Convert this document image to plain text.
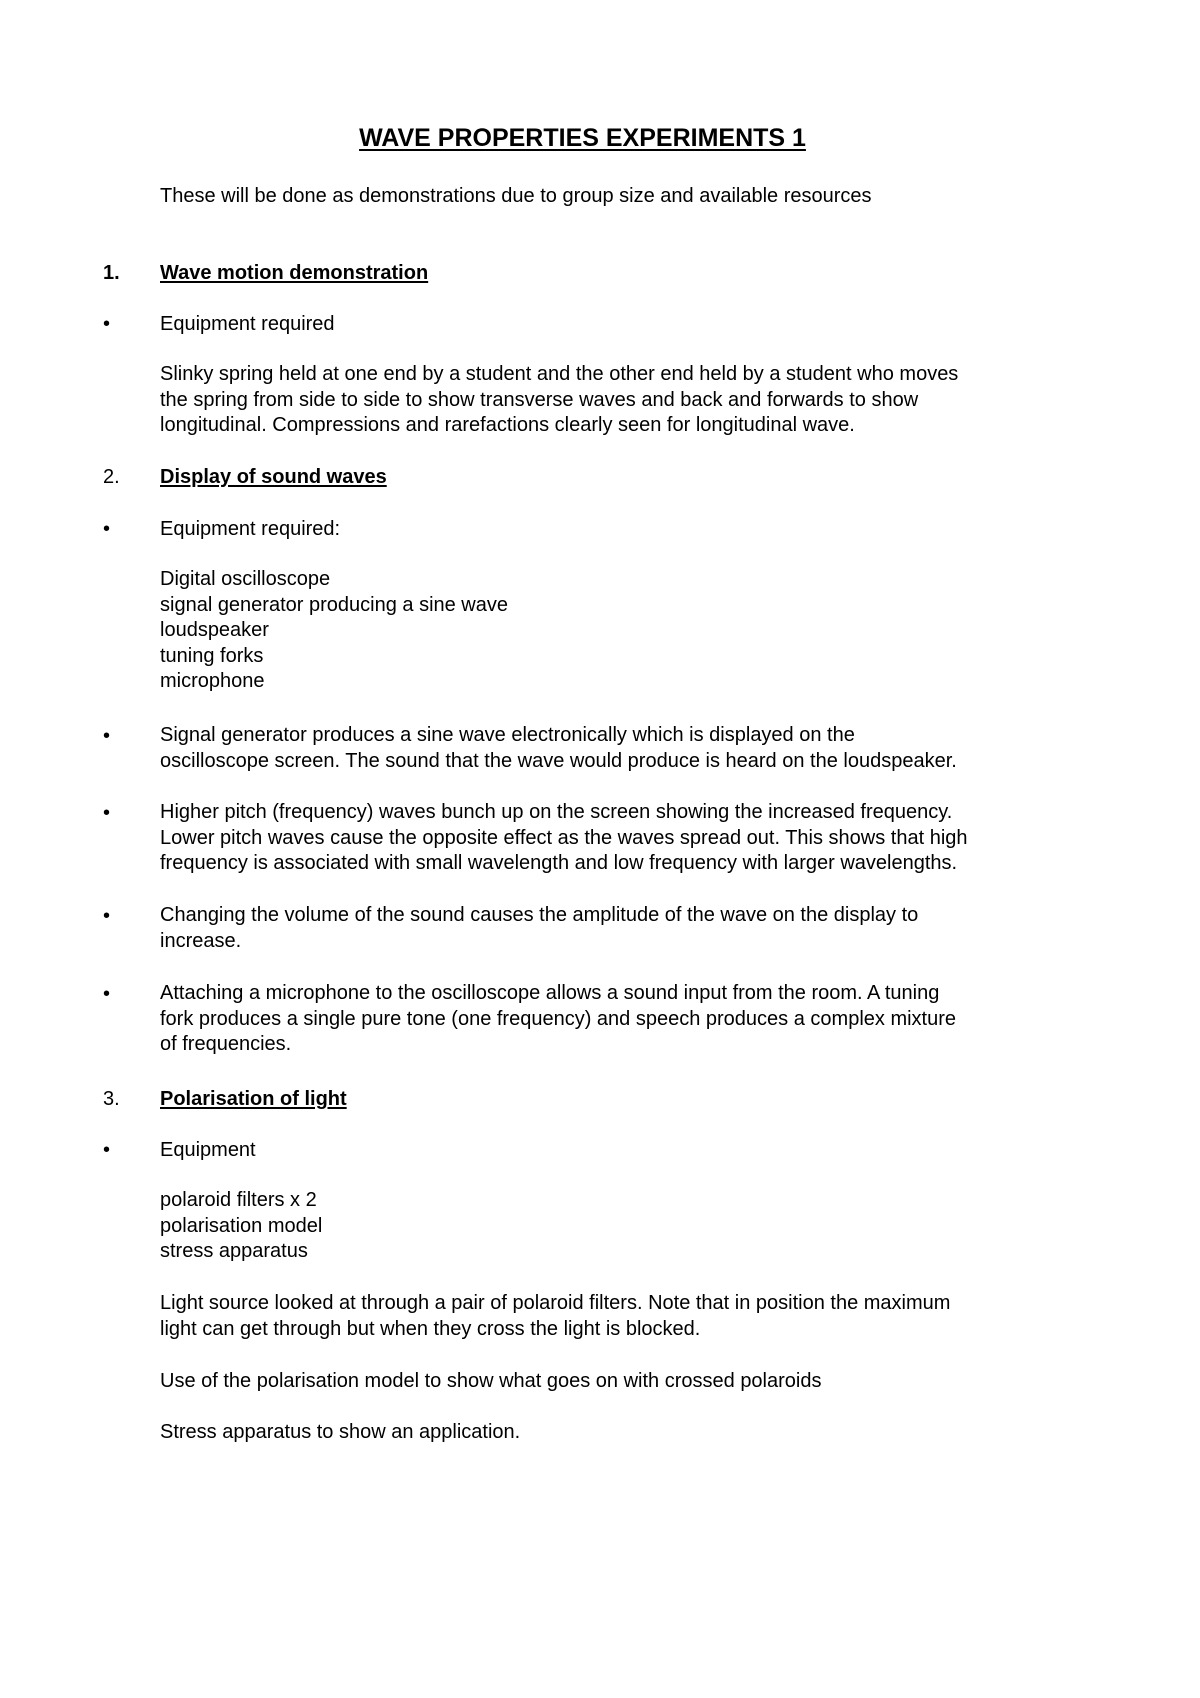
WAVE PROPERTIES EXPERIMENTS 1
These will be done as demonstrations due to group size and available resources
1. Wave motion demonstration
• Equipment required
Slinky spring held at one end by a student and the other end held by a student who moves
the spring from side to side to show transverse waves and back and forwards to show
longitudinal. Compressions and rarefactions clearly seen for longitudinal wave.
2. Display of sound waves
• Equipment required:
Digital oscilloscope
signal generator producing a sine wave
loudspeaker
tuning forks
microphone
• Signal generator produces a sine wave electronically which is displayed on the
oscilloscope screen. The sound that the wave would produce is heard on the loudspeaker.
• Higher pitch (frequency) waves bunch up on the screen showing the increased frequency.
Lower pitch waves cause the opposite effect as the waves spread out. This shows that high
frequency is associated with small wavelength and low frequency with larger wavelengths.
• Changing the volume of the sound causes the amplitude of the wave on the display to
increase.
• Attaching a microphone to the oscilloscope allows a sound input from the room. A tuning
fork produces a single pure tone (one frequency) and speech produces a complex mixture
of frequencies.
3. Polarisation of light
• Equipment
polaroid filters x 2
polarisation model
stress apparatus
Light source looked at through a pair of polaroid filters. Note that in position the maximum
light can get through but when they cross the light is blocked.
Use of the polarisation model to show what goes on with crossed polaroids
Stress apparatus to show an application.
